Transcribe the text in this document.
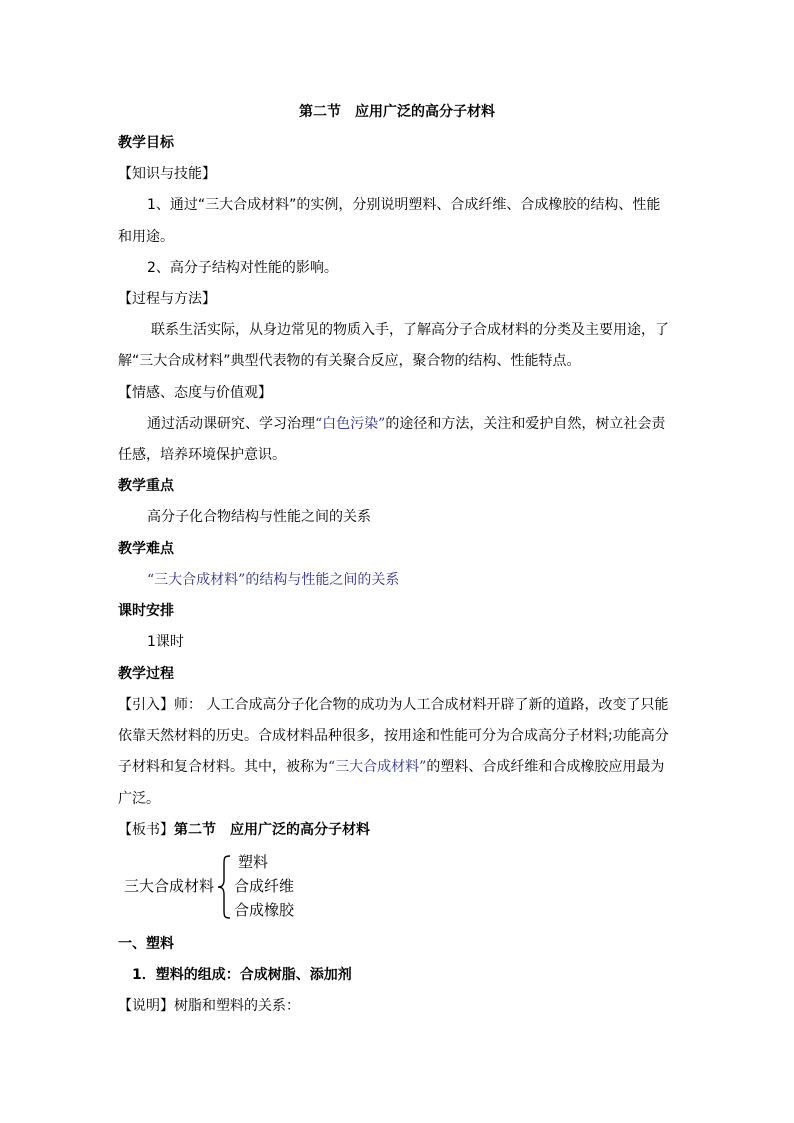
第二节　应用广泛的高分子材料
教学目标
【知识与技能】
1、通过“三大合成材料”的实例，分别说明塑料、合成纤维、合成橡胶的结构、性能
和用途。
2、高分子结构对性能的影响。
【过程与方法】
联系生活实际，从身边常见的物质入手，了解高分子合成材料的分类及主要用途，了
解“三大合成材料”典型代表物的有关聚合反应，聚合物的结构、性能特点。
【情感、态度与价值观】
通过活动课研究、学习治理“白色污染”的途径和方法，关注和爱护自然，树立社会责
任感，培养环境保护意识。
教学重点
高分子化合物结构与性能之间的关系
教学难点
“三大合成材料”的结构与性能之间的关系
课时安排
1课时
教学过程
【引入】师： 人工合成高分子化合物的成功为人工合成材料开辟了新的道路，改变了只能
依靠天然材料的历史。合成材料品种很多，按用途和性能可分为合成高分子材料;功能高分
子材料和复合材料。其中，被称为“三大合成材料”的塑料、合成纤维和合成橡胶应用最为
广泛。
【板书】第二节　应用广泛的高分子材料
三大合成材料
塑料
合成纤维
合成橡胶
一、塑料
1．塑料的组成：合成树脂、添加剂
【说明】树脂和塑料的关系：
